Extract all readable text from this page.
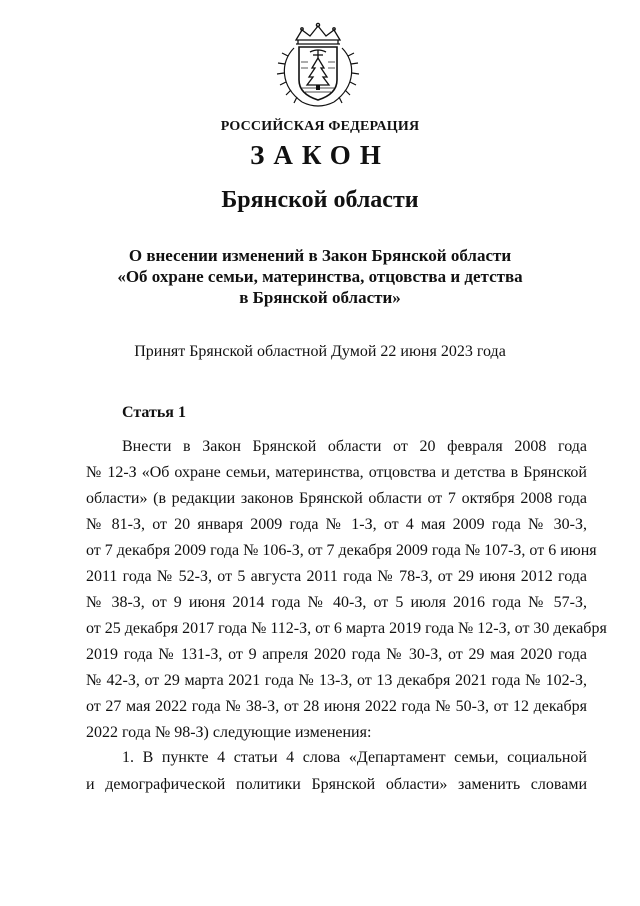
РОССИЙСКАЯ ФЕДЕРАЦИЯ
ЗАКОН
Брянской области
О внесении изменений в Закон Брянской области
«Об охране семьи, материнства, отцовства и детства
в Брянской области»
Принят Брянской областной Думой 22 июня 2023 года
Статья 1
Внести в Закон Брянской области от 20 февраля 2008 года
№ 12-З «Об охране семьи, материнства, отцовства и детства в Брянской
области» (в редакции законов Брянской области от 7 октября 2008 года
№ 81-З, от 20 января 2009 года № 1-З, от 4 мая 2009 года № 30-З,
от 7 декабря 2009 года № 106-З, от 7 декабря 2009 года № 107-З, от 6 июня
2011 года № 52-З, от 5 августа 2011 года № 78-З, от 29 июня 2012 года
№ 38-З, от 9 июня 2014 года № 40-З, от 5 июля 2016 года № 57-З,
от 25 декабря 2017 года № 112-З, от 6 марта 2019 года № 12-З, от 30 декабря
2019 года № 131-З, от 9 апреля 2020 года № 30-З, от 29 мая 2020 года
№ 42-З, от 29 марта 2021 года № 13-З, от 13 декабря 2021 года № 102-З,
от 27 мая 2022 года № 38-З, от 28 июня 2022 года № 50-З, от 12 декабря
2022 года № 98-З) следующие изменения:
1. В пункте 4 статьи 4 слова «Департамент семьи, социальной
и демографической политики Брянской области» заменить словами
